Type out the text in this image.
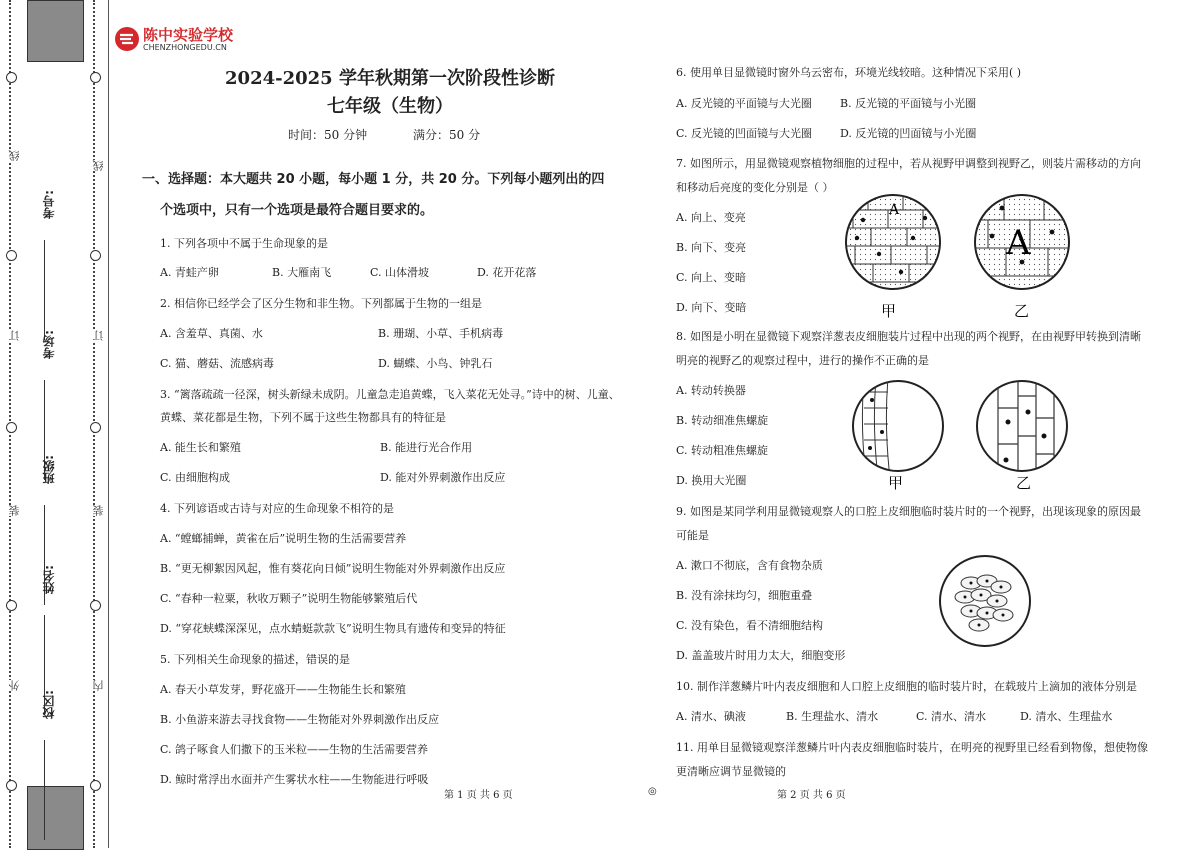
线
订
装
外
考号:
考场:
班级:
姓名:
校区:
线
订
装
内
陈中实验学校
CHENZHONGEDU.CN
2024-2025 学年秋期第一次阶段性诊断
七年级（生物）
时间：50 分钟	满分：50 分
一、选择题：本大题共 20 小题，每小题 1 分，共 20 分。下列每小题列出的四
个选项中，只有一个选项是最符合题目要求的。
1. 下列各项中不属于生命现象的是
A. 青蛙产卵	B. 大雁南飞	C. 山体滑坡	D. 花开花落
2. 相信你已经学会了区分生物和非生物。下列都属于生物的一组是
A. 含羞草、真菌、水	B. 珊瑚、小草、手机病毒
C. 猫、蘑菇、流感病毒	D. 蝴蝶、小鸟、钟乳石
3. “篱落疏疏一径深，树头新绿未成阴。儿童急走追黄蝶，飞入菜花无处寻。”诗中的树、儿童、
黄蝶、菜花都是生物，下列不属于这些生物都具有的特征是
A. 能生长和繁殖	B. 能进行光合作用
C. 由细胞构成	D. 能对外界刺激作出反应
4. 下列谚语或古诗与对应的生命现象不相符的是
A. “螳螂捕蝉，黄雀在后”说明生物的生活需要营养
B. “更无柳絮因风起，惟有葵花向日倾”说明生物能对外界刺激作出反应
C. “春种一粒粟，秋收万颗子”说明生物能够繁殖后代
D. “穿花蛱蝶深深见，点水蜻蜓款款飞”说明生物具有遗传和变异的特征
5. 下列相关生命现象的描述，错误的是
A. 春天小草发芽，野花盛开——生物能生长和繁殖
B. 小鱼游来游去寻找食物——生物能对外界刺激作出反应
C. 鸽子啄食人们撒下的玉米粒——生物的生活需要营养
D. 鲸时常浮出水面并产生雾状水柱——生物能进行呼吸
6. 使用单目显微镜时窗外乌云密布，环境光线较暗。这种情况下采用( )
A. 反光镜的平面镜与大光圈	B. 反光镜的平面镜与小光圈
C. 反光镜的凹面镜与大光圈	D. 反光镜的凹面镜与小光圈
7. 如图所示，用显微镜观察植物细胞的过程中，若从视野甲调整到视野乙，则装片需移动的方向
和移动后亮度的变化分别是（ ）
A. 向上、变亮
B. 向下、变亮
C. 向上、变暗
D. 向下、变暗
A
甲
A
乙
8. 如图是小明在显微镜下观察洋葱表皮细胞装片过程中出现的两个视野，在由视野甲转换到清晰
明亮的视野乙的观察过程中，进行的操作不正确的是
A. 转动转换器
B. 转动细准焦螺旋
C. 转动粗准焦螺旋
D. 换用大光圈	甲	乙
9. 如图是某同学利用显微镜观察人的口腔上皮细胞临时装片时的一个视野，出现该现象的原因最
可能是
A. 漱口不彻底，含有食物杂质
B. 没有涂抹均匀，细胞重叠
C. 没有染色，看不清细胞结构
D. 盖盖玻片时用力太大，细胞变形
10. 制作洋葱鳞片叶内表皮细胞和人口腔上皮细胞的临时装片时，在载玻片上滴加的液体分别是
A. 清水、碘液	B. 生理盐水、清水	C. 清水、清水	D. 清水、生理盐水
11. 用单目显微镜观察洋葱鳞片叶内表皮细胞临时装片，在明亮的视野里已经看到物像，想使物像
更清晰应调节显微镜的
第 1 页 共 6 页	◎	第 2 页 共 6 页
